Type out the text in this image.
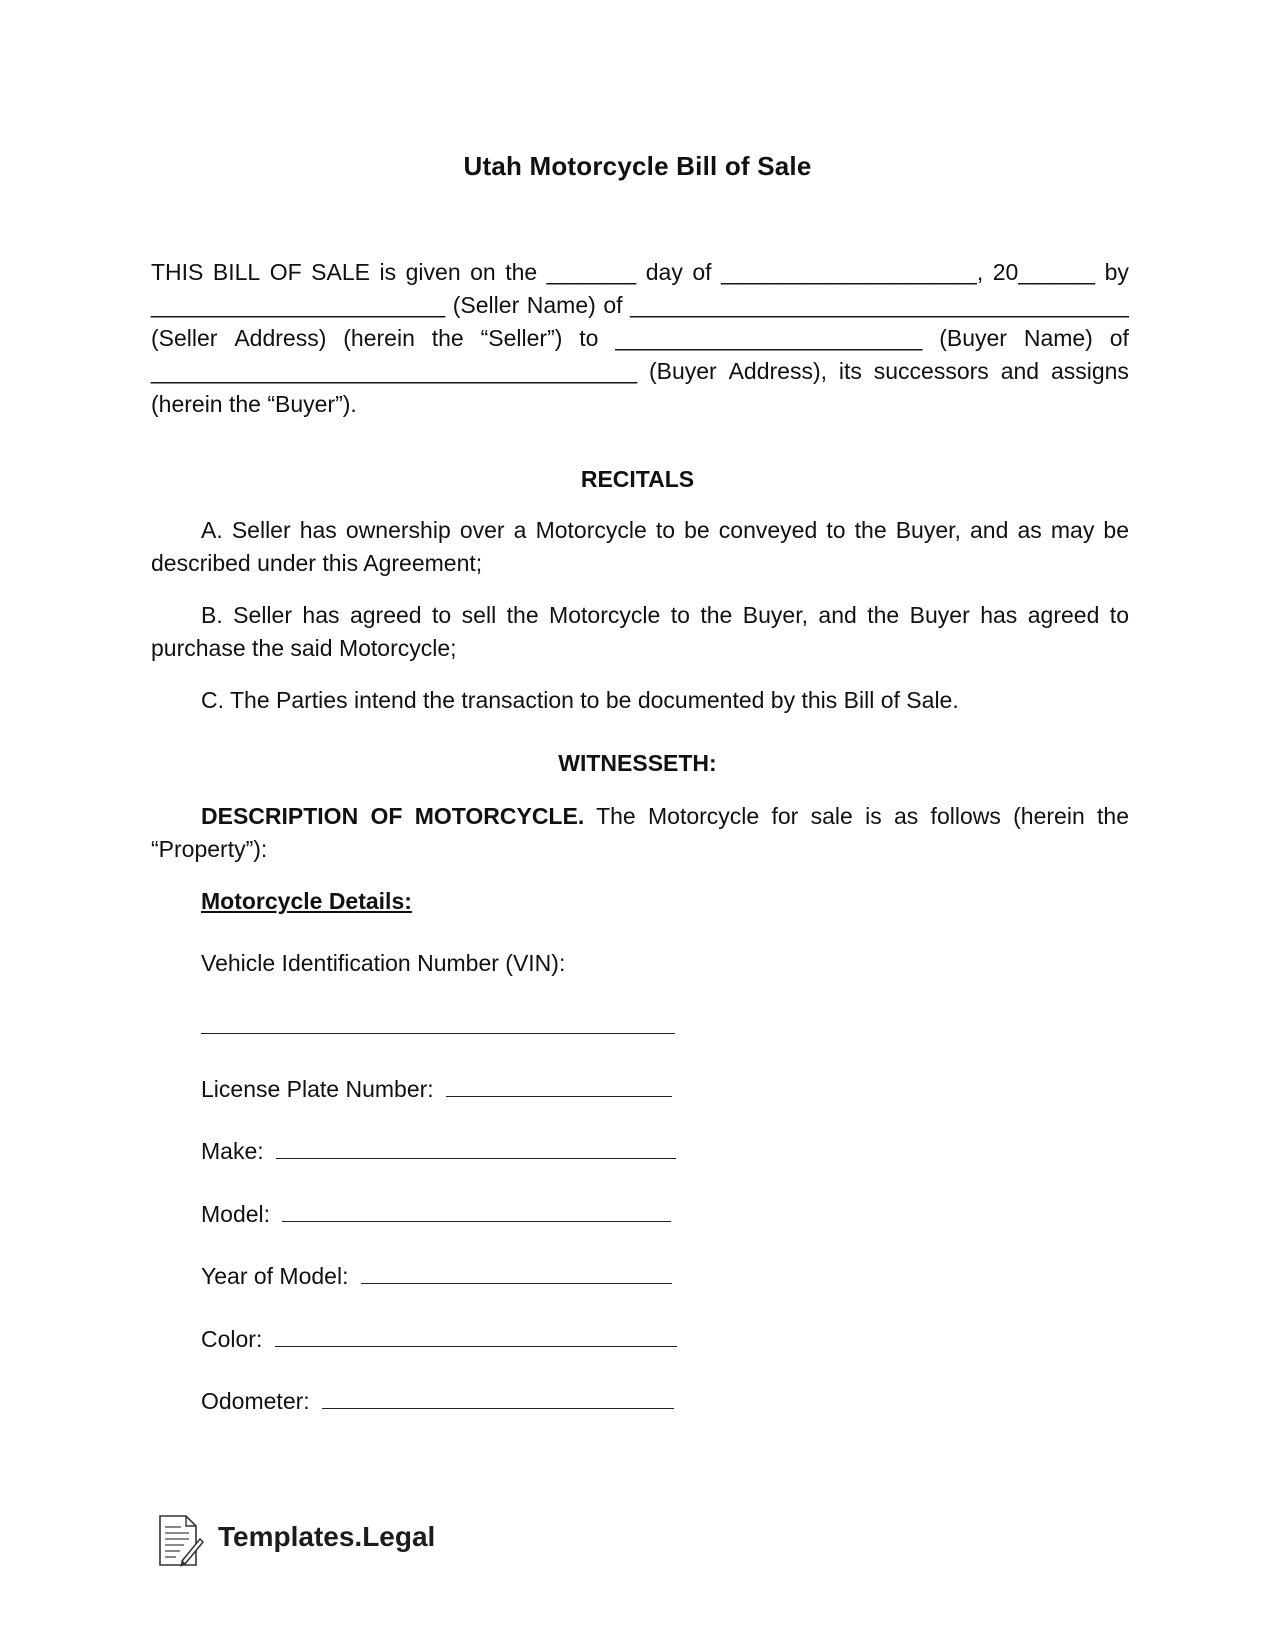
Utah Motorcycle Bill of Sale
THIS BILL OF SALE is given on the _______ day of ____________________, 20______ by
_______________________ (Seller Name) of _______________________________________
(Seller Address) (herein the “Seller”) to ________________________ (Buyer Name) of
______________________________________ (Buyer Address), its successors and assigns
(herein the “Buyer”).
RECITALS
A. Seller has ownership over a Motorcycle to be conveyed to the Buyer, and as may be described under this Agreement;
B. Seller has agreed to sell the Motorcycle to the Buyer, and the Buyer has agreed to purchase the said Motorcycle;
C. The Parties intend the transaction to be documented by this Bill of Sale.
WITNESSETH:
DESCRIPTION OF MOTORCYCLE. The Motorcycle for sale is as follows (herein the “Property”):
Motorcycle Details:
Vehicle Identification Number (VIN):
License Plate Number:
Make:
Model:
Year of Model:
Color:
Odometer:
Templates.Legal
